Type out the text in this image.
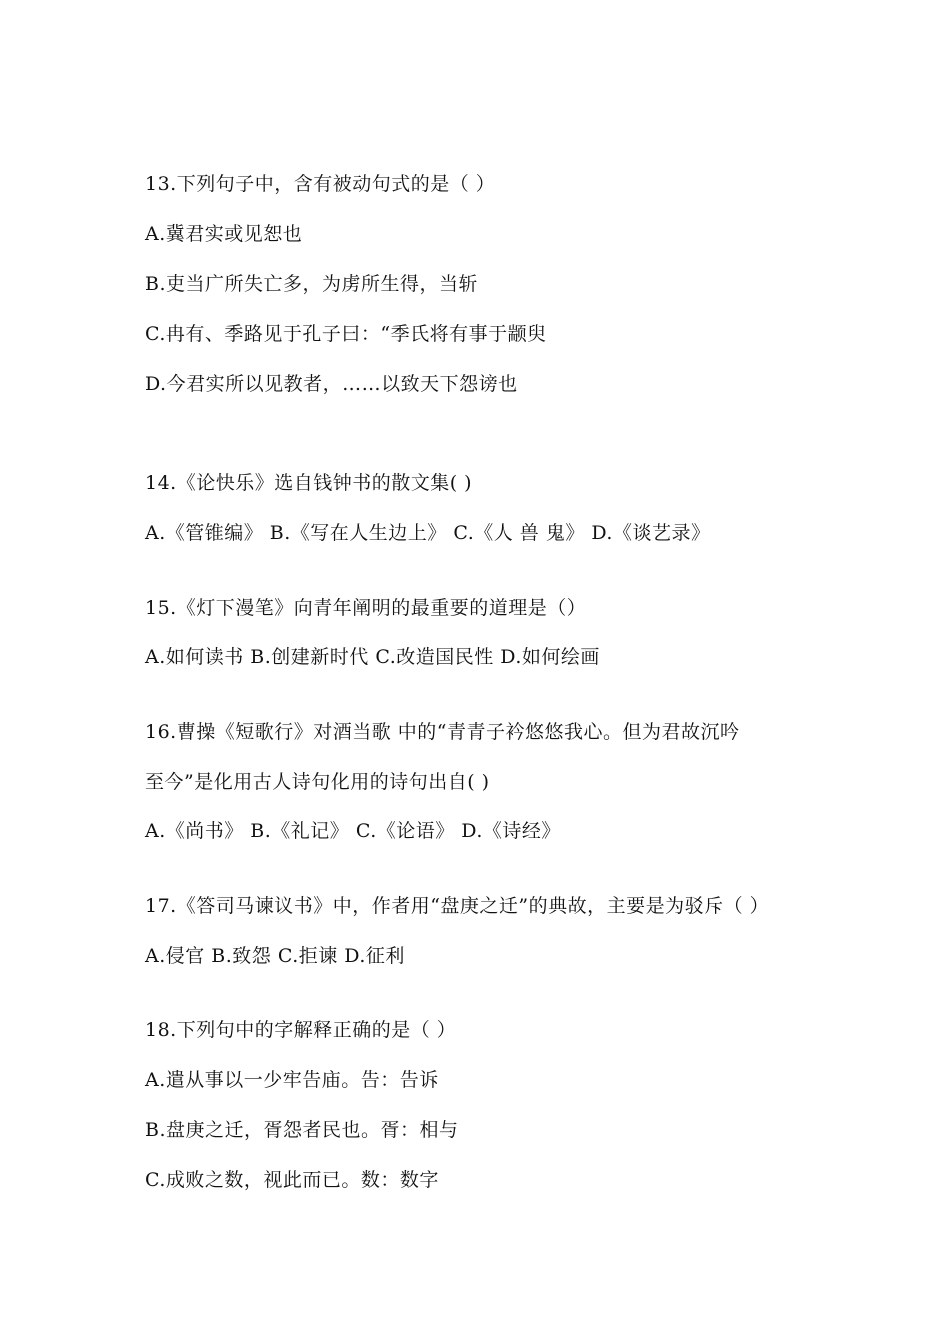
13.下列句子中，含有被动句式的是（ ）
A.冀君实或见恕也
B.吏当广所失亡多，为虏所生得，当斩
C.冉有、季路见于孔子曰：“季氏将有事于颛臾
D.今君实所以见教者，……以致天下怨谤也
14.《论快乐》选自钱钟书的散文集( )
A.《管锥编》 B.《写在人生边上》 C.《人 兽 鬼》 D.《谈艺录》
15.《灯下漫笔》向青年阐明的最重要的道理是（）
A.如何读书 B.创建新时代 C.改造国民性 D.如何绘画
16.曹操《短歌行》对酒当歌 中的“青青子衿悠悠我心。但为君故沉吟
至今”是化用古人诗句化用的诗句出自( )
A.《尚书》 B.《礼记》 C.《论语》 D.《诗经》
17.《答司马谏议书》中，作者用“盘庚之迁”的典故，主要是为驳斥（ ）
A.侵官 B.致怨 C.拒谏 D.征利
18.下列句中的字解释正确的是（ ）
A.遣从事以一少牢告庙。告：告诉
B.盘庚之迁，胥怨者民也。胥：相与
C.成败之数，视此而已。数：数字
